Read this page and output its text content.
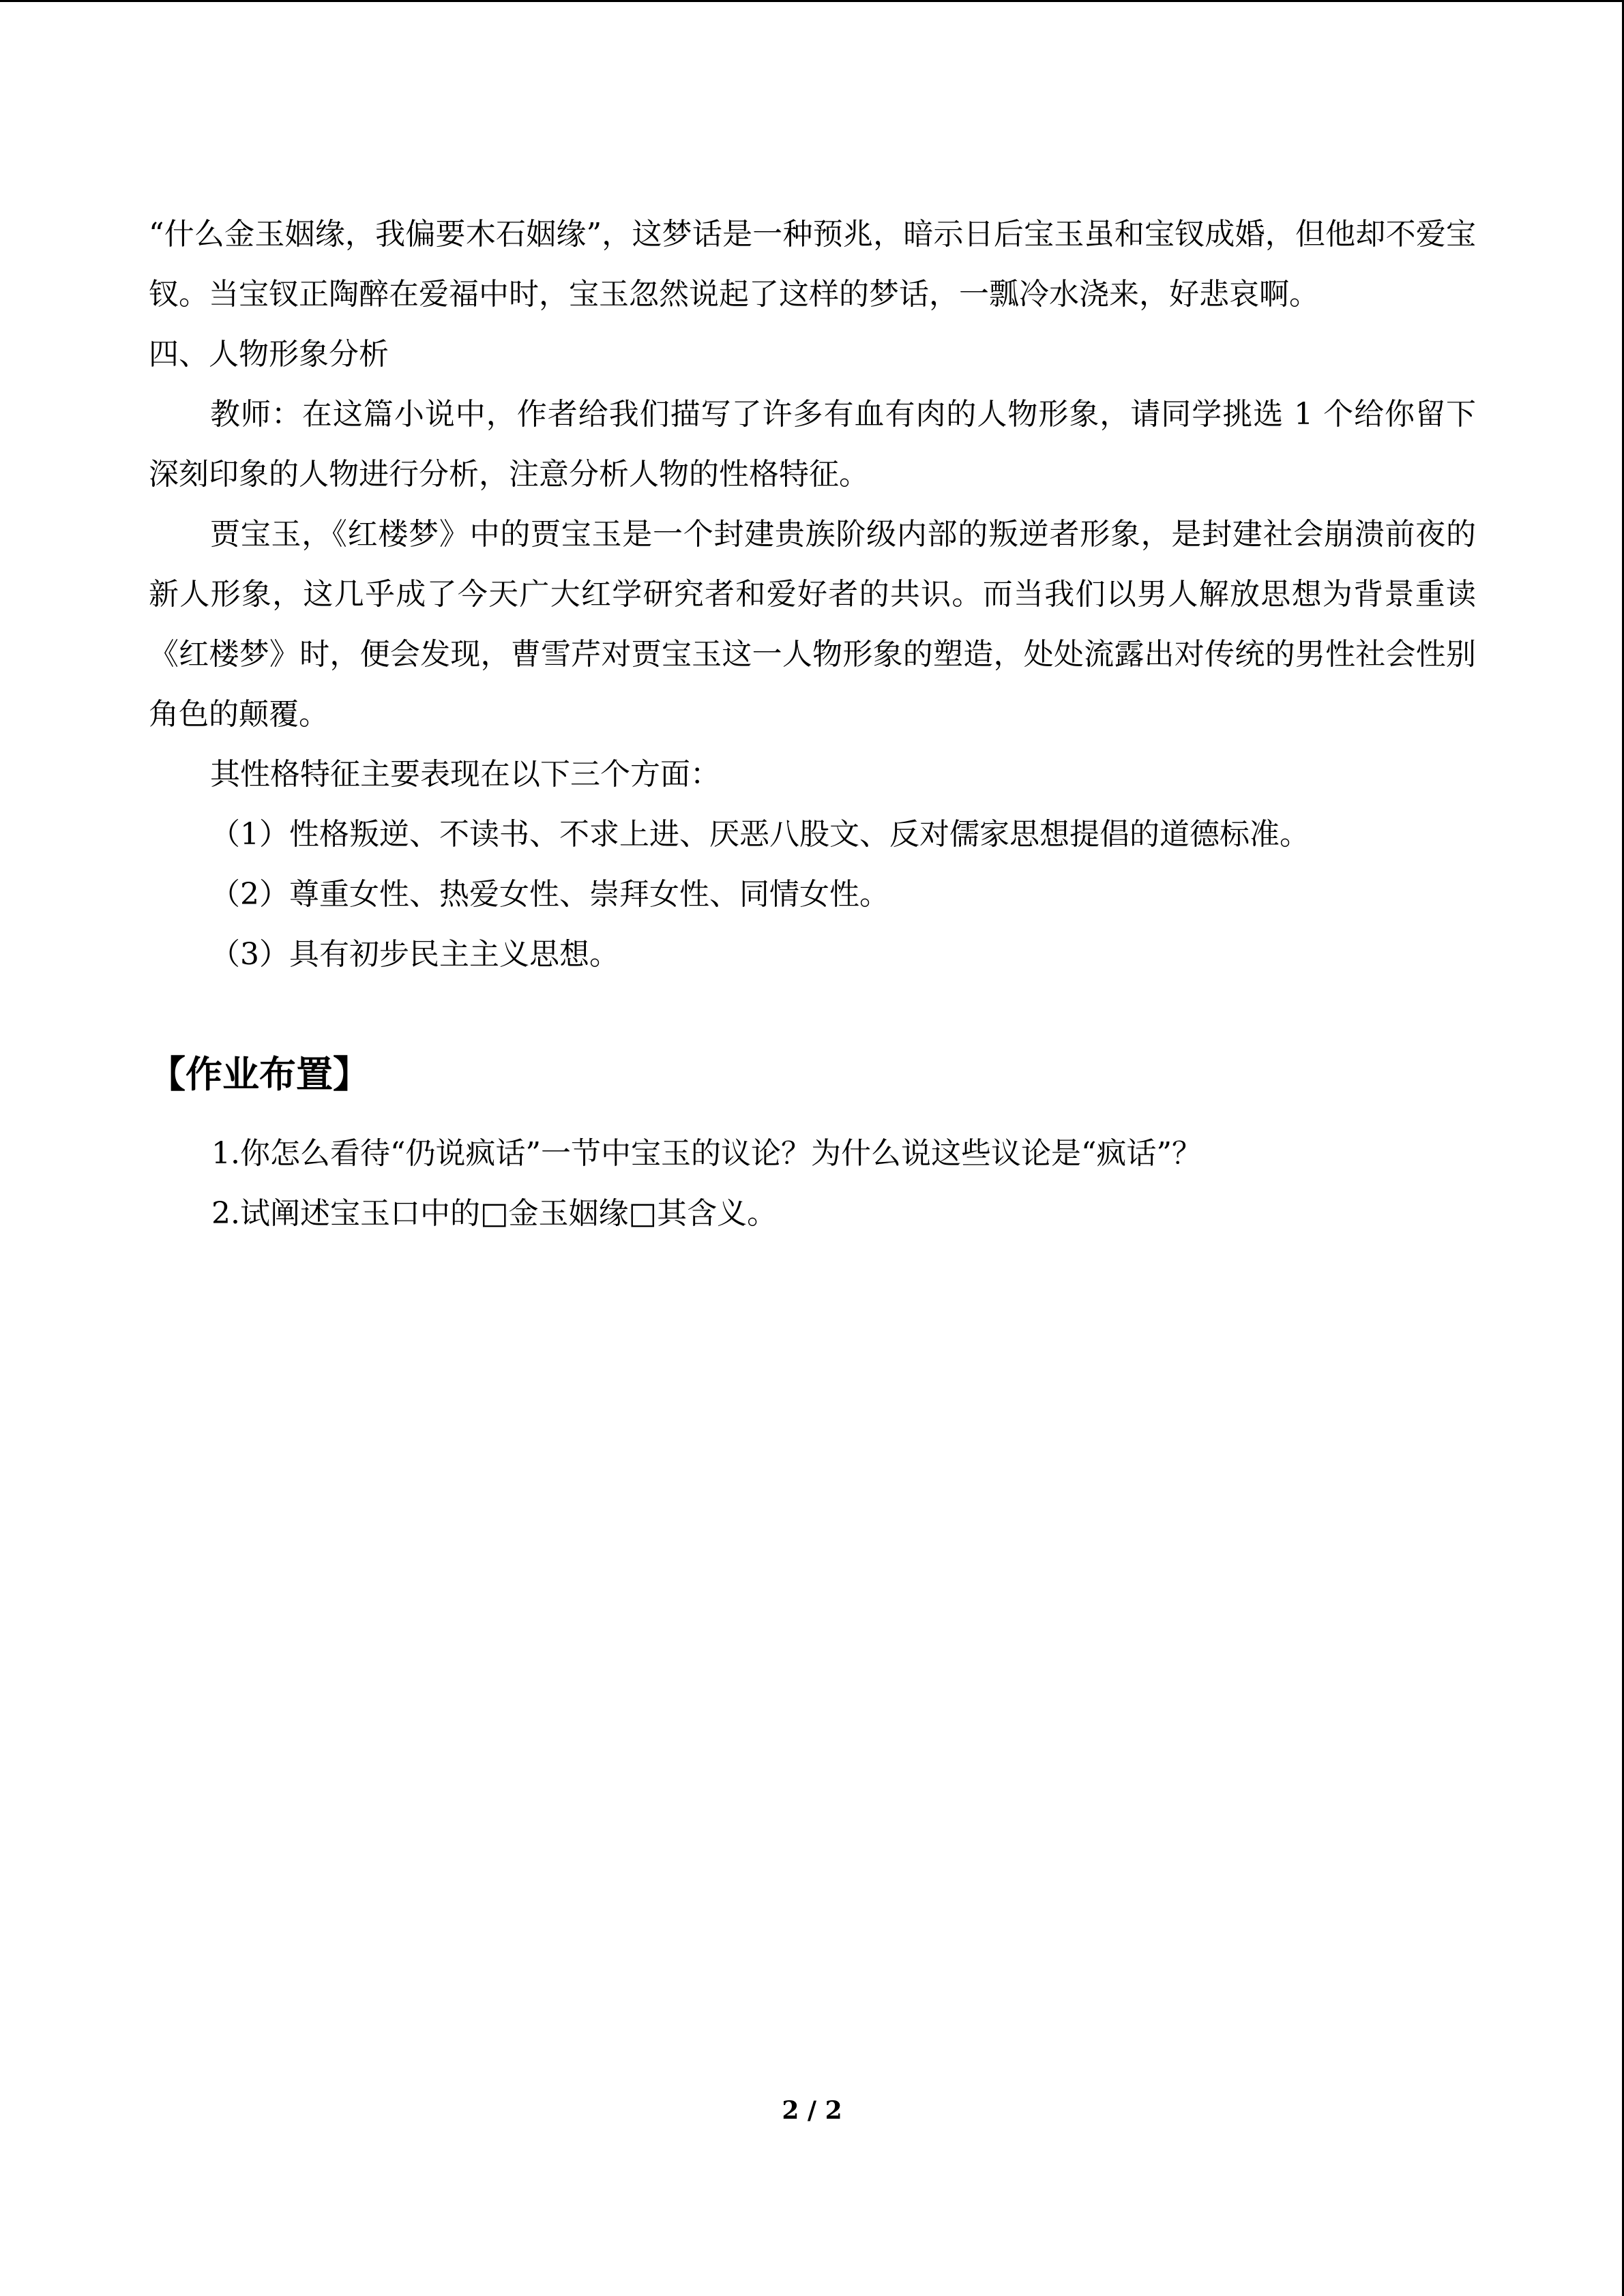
“什么金玉姻缘，我偏要木石姻缘”，这梦话是一种预兆，暗示日后宝玉虽和宝钗成婚，但他却不爱宝钗。当宝钗正陶醉在爱福中时，宝玉忽然说起了这样的梦话，一瓢冷水浇来，好悲哀啊。

四、人物形象分析

教师：在这篇小说中，作者给我们描写了许多有血有肉的人物形象，请同学挑选 1 个给你留下深刻印象的人物进行分析，注意分析人物的性格特征。

贾宝玉，《红楼梦》中的贾宝玉是一个封建贵族阶级内部的叛逆者形象，是封建社会崩溃前夜的新人形象，这几乎成了今天广大红学研究者和爱好者的共识。而当我们以男人解放思想为背景重读《红楼梦》时，便会发现，曹雪芹对贾宝玉这一人物形象的塑造，处处流露出对传统的男性社会性别角色的颠覆。

其性格特征主要表现在以下三个方面：

（1）性格叛逆、不读书、不求上进、厌恶八股文、反对儒家思想提倡的道德标准。

（2）尊重女性、热爱女性、崇拜女性、同情女性。

（3）具有初步民主主义思想。

【作业布置】

1.你怎么看待“仍说疯话”一节中宝玉的议论？为什么说这些议论是“疯话”？

2.试阐述宝玉口中的□金玉姻缘□其含义。

2 / 2
